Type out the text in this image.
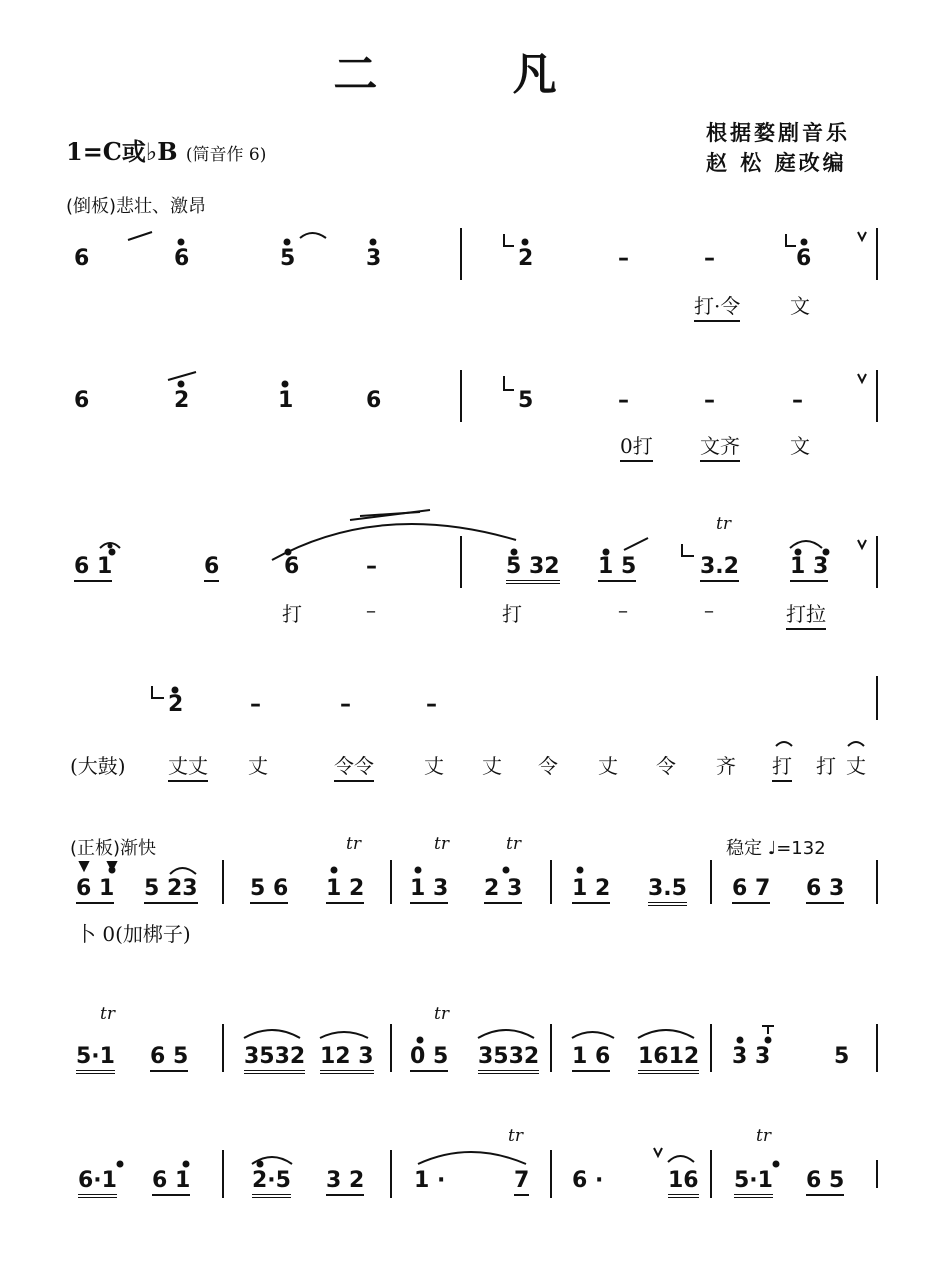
二 凡
1=C或♭B (筒音作 6)
根据婺剧音乐
赵 松 庭改编
(倒板)悲壮、激昂
6	6	5	3	2	–	–	6
打·令 文
6	2	1	6	5	–	–	–
0打 文齐	文
6 1	6	6	–	5 32 1 5	3.2 1 3
tr
打	–	打	–	–	打拉
2	–	–	–
(大鼓) 丈丈 丈	令令	丈 丈 令 丈 令 齐 打 打 丈
(正板)渐快	稳定 ♩=132
tr	tr	tr
6 1 5 23 5 6 1 2 1 3 2 3 1 2 3.5 6 7 6 3
卜 0(加梆子)
tr	tr
5·1 6 5	3532 12 3 0 5 3532 1 6 1612 3 3	5
tr	tr
6·1 6 1	2·5 3 2 1 ·	7 6 ·	16 5·1 6 5
